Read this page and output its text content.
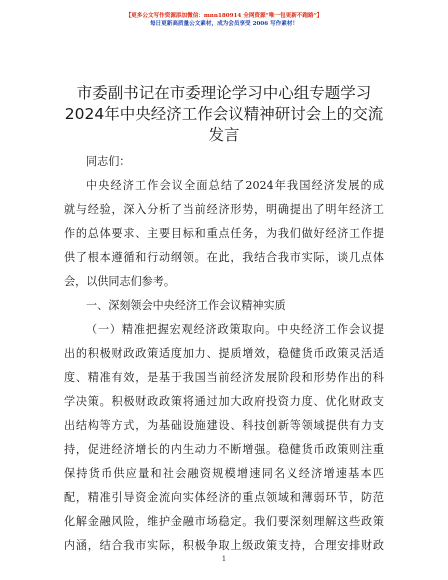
【更多公文写作资源添加微信：mnn180914 全网资源“唯一包更新不跑路”】
每日更新高质量公文素材，成为会员享受 2006 写作素材！
市委副书记在市委理论学习中心组专题学习
2024年中央经济工作会议精神研讨会上的交流
发言
同志们：
中央经济工作会议全面总结了2024年我国经济发展的成
就与经验，深入分析了当前经济形势，明确提出了明年经济工
作的总体要求、主要目标和重点任务，为我们做好经济工作提
供了根本遵循和行动纲领。在此，我结合我市实际，谈几点体
会，以供同志们参考。
一、深刻领会中央经济工作会议精神实质
（一）精准把握宏观经济政策取向。中央经济工作会议提
出的积极财政政策适度加力、提质增效，稳健货币政策灵活适
度、精准有效，是基于我国当前经济发展阶段和形势作出的科
学决策。积极财政政策将通过加大政府投资力度、优化财政支
出结构等方式，为基础设施建设、科技创新等领域提供有力支
持，促进经济增长的内生动力不断增强。稳健货币政策则注重
保持货币供应量和社会融资规模增速同名义经济增速基本匹
配，精准引导资金流向实体经济的重点领域和薄弱环节，防范
化解金融风险，维护金融市场稳定。我们要深刻理解这些政策
内涵，结合我市实际，积极争取上级政策支持，合理安排财政
1
